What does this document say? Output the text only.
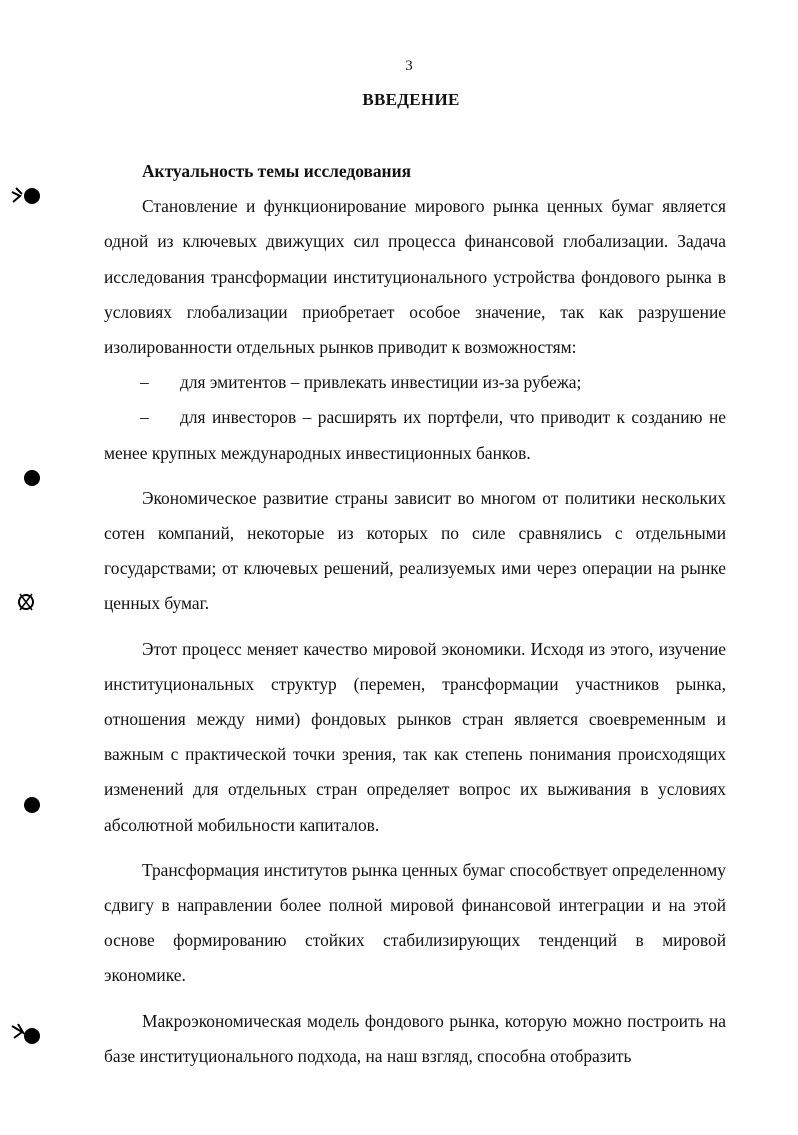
3
ВВЕДЕНИЕ

Актуальность темы исследования

Становление и функционирование мирового рынка ценных бумаг является одной из ключевых движущих сил процесса финансовой глобализации. Задача исследования трансформации институционального устройства фондового рынка в условиях глобализации приобретает особое значение, так как разрушение изолированности отдельных рынков приводит к возможностям:

– для эмитентов – привлекать инвестиции из-за рубежа;

– для инвесторов – расширять их портфели, что приводит к созданию не менее крупных международных инвестиционных банков.

Экономическое развитие страны зависит во многом от политики нескольких сотен компаний, некоторые из которых по силе сравнялись с отдельными государствами; от ключевых решений, реализуемых ими через операции на рынке ценных бумаг.

Этот процесс меняет качество мировой экономики. Исходя из этого, изучение институциональных структур (перемен, трансформации участников рынка, отношения между ними) фондовых рынков стран является своевременным и важным с практической точки зрения, так как степень понимания происходящих изменений для отдельных стран определяет вопрос их выживания в условиях абсолютной мобильности капиталов.

Трансформация институтов рынка ценных бумаг способствует определенному сдвигу в направлении более полной мировой финансовой интеграции и на этой основе формированию стойких стабилизирующих тенденций в мировой экономике.

Макроэкономическая модель фондового рынка, которую можно построить на базе институционального подхода, на наш взгляд, способна отобразить
